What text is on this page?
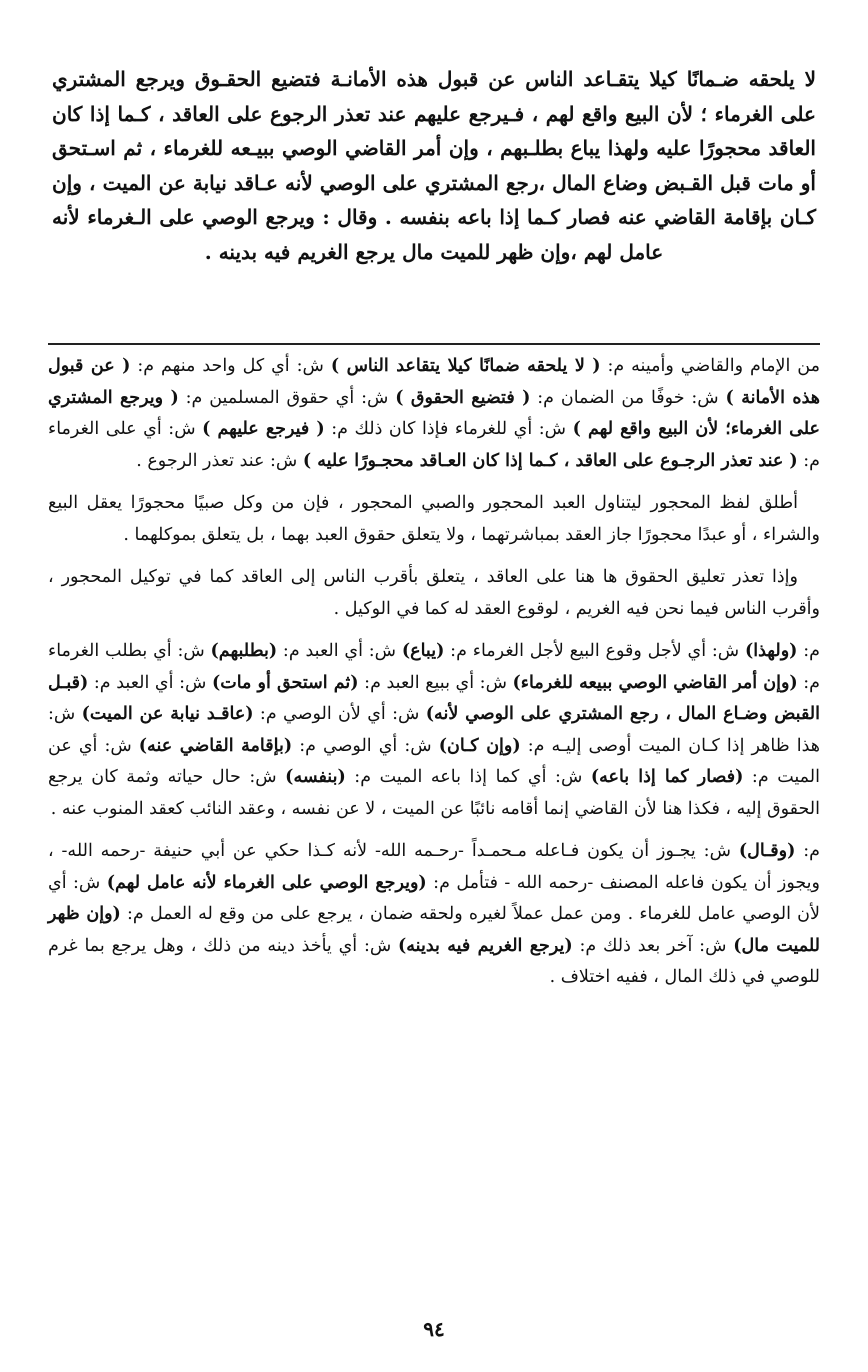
لا يلحقه ضـمانًا كيلا يتقـاعد الناس عن قبول هذه الأمانـة فتضيع الحقـوق ويرجع المشتري على الغرماء ؛ لأن البيع واقع لهم ، فـيرجع عليهم عند تعذر الرجوع على العاقد ، كـما إذا كان العاقد محجورًا عليه ولهذا يباع بطلـبهم ، وإن أمر القاضي الوصي ببيـعه للغرماء ، ثم اسـتحق أو مات قبل القـبض وضاع المال ،رجع المشتري على الوصي لأنه عـاقد نيابة عن الميت ، وإن كـان بإقامة القاضي عنه فصار كـما إذا باعه بنفسه . وقال : ويرجع الوصي على الـغرماء لأنه عامل لهم ،وإن ظهر للميت مال يرجع الغريم فيه بدينه .

من الإمام والقاضي وأمينه م: ( لا يلحقه ضمانًا كيلا يتقاعد الناس ) ش: أي كل واحد منهم م: ( عن قبول هذه الأمانة ) ش: خوفًا من الضمان م: ( فتضيع الحقوق ) ش: أي حقوق المسلمين م: ( ويرجع المشتري على الغرماء؛ لأن البيع واقع لهم ) ش: أي للغرماء فإذا كان ذلك م: ( فيرجع عليهم ) ش: أي على الغرماء م: ( عند تعذر الرجـوع على العاقد ، كـما إذا كان العـاقد محجـورًا عليه ) ش: عند تعذر الرجوع .

أطلق لفظ المحجور ليتناول العبد المحجور والصبي المحجور ، فإن من وكل صبيًا محجورًا يعقل البيع والشراء ، أو عبدًا محجورًا جاز العقد بمباشرتهما ، ولا يتعلق حقوق العبد بهما ، بل يتعلق بموكلهما .

وإذا تعذر تعليق الحقوق ها هنا على العاقد ، يتعلق بأقرب الناس إلى العاقد كما في توكيل المحجور ، وأقرب الناس فيما نحن فيه الغريم ، لوقوع العقد له كما في الوكيل .

م: (ولهذا) ش: أي لأجل وقوع البيع لأجل الغرماء م: (يباع) ش: أي العبد م: (بطلبهم) ش: أي بطلب الغرماء م: (وإن أمر القاضي الوصي ببيعه للغرماء) ش: أي ببيع العبد م: (ثم استحق أو مات) ش: أي العبد م: (قبـل القبض وضـاع المال ، رجع المشتري على الوصي لأنه) ش: أي لأن الوصي م: (عاقـد نيابة عن الميت) ش: هذا ظاهر إذا كـان الميت أوصى إليـه م: (وإن كـان) ش: أي الوصي م: (بإقامة القاضي عنه) ش: أي عن الميت م: (فصار كما إذا باعه) ش: أي كما إذا باعه الميت م: (بنفسه) ش: حال حياته وثمة كان يرجع الحقوق إليه ، فكذا هنا لأن القاضي إنما أقامه نائبًا عن الميت ، لا عن نفسه ، وعقد النائب كعقد المنوب عنه .

م: (وقـال) ش: يجـوز أن يكون فـاعله مـحمـداً -رحـمه الله- لأنه كـذا حكي عن أبي حنيفة -رحمه الله- ، ويجوز أن يكون فاعله المصنف -رحمه الله - فتأمل م: (ويرجع الوصي على الغرماء لأنه عامل لهم) ش: أي لأن الوصي عامل للغرماء . ومن عمل عملاً لغيره ولحقه ضمان ، يرجع على من وقع له العمل م: (وإن ظهر للميت مال) ش: آخر بعد ذلك م: (يرجع الغريم فيه بدينه) ش: أي يأخذ دينه من ذلك ، وهل يرجع بما غرم للوصي في ذلك المال ، ففيه اختلاف .

٩٤
